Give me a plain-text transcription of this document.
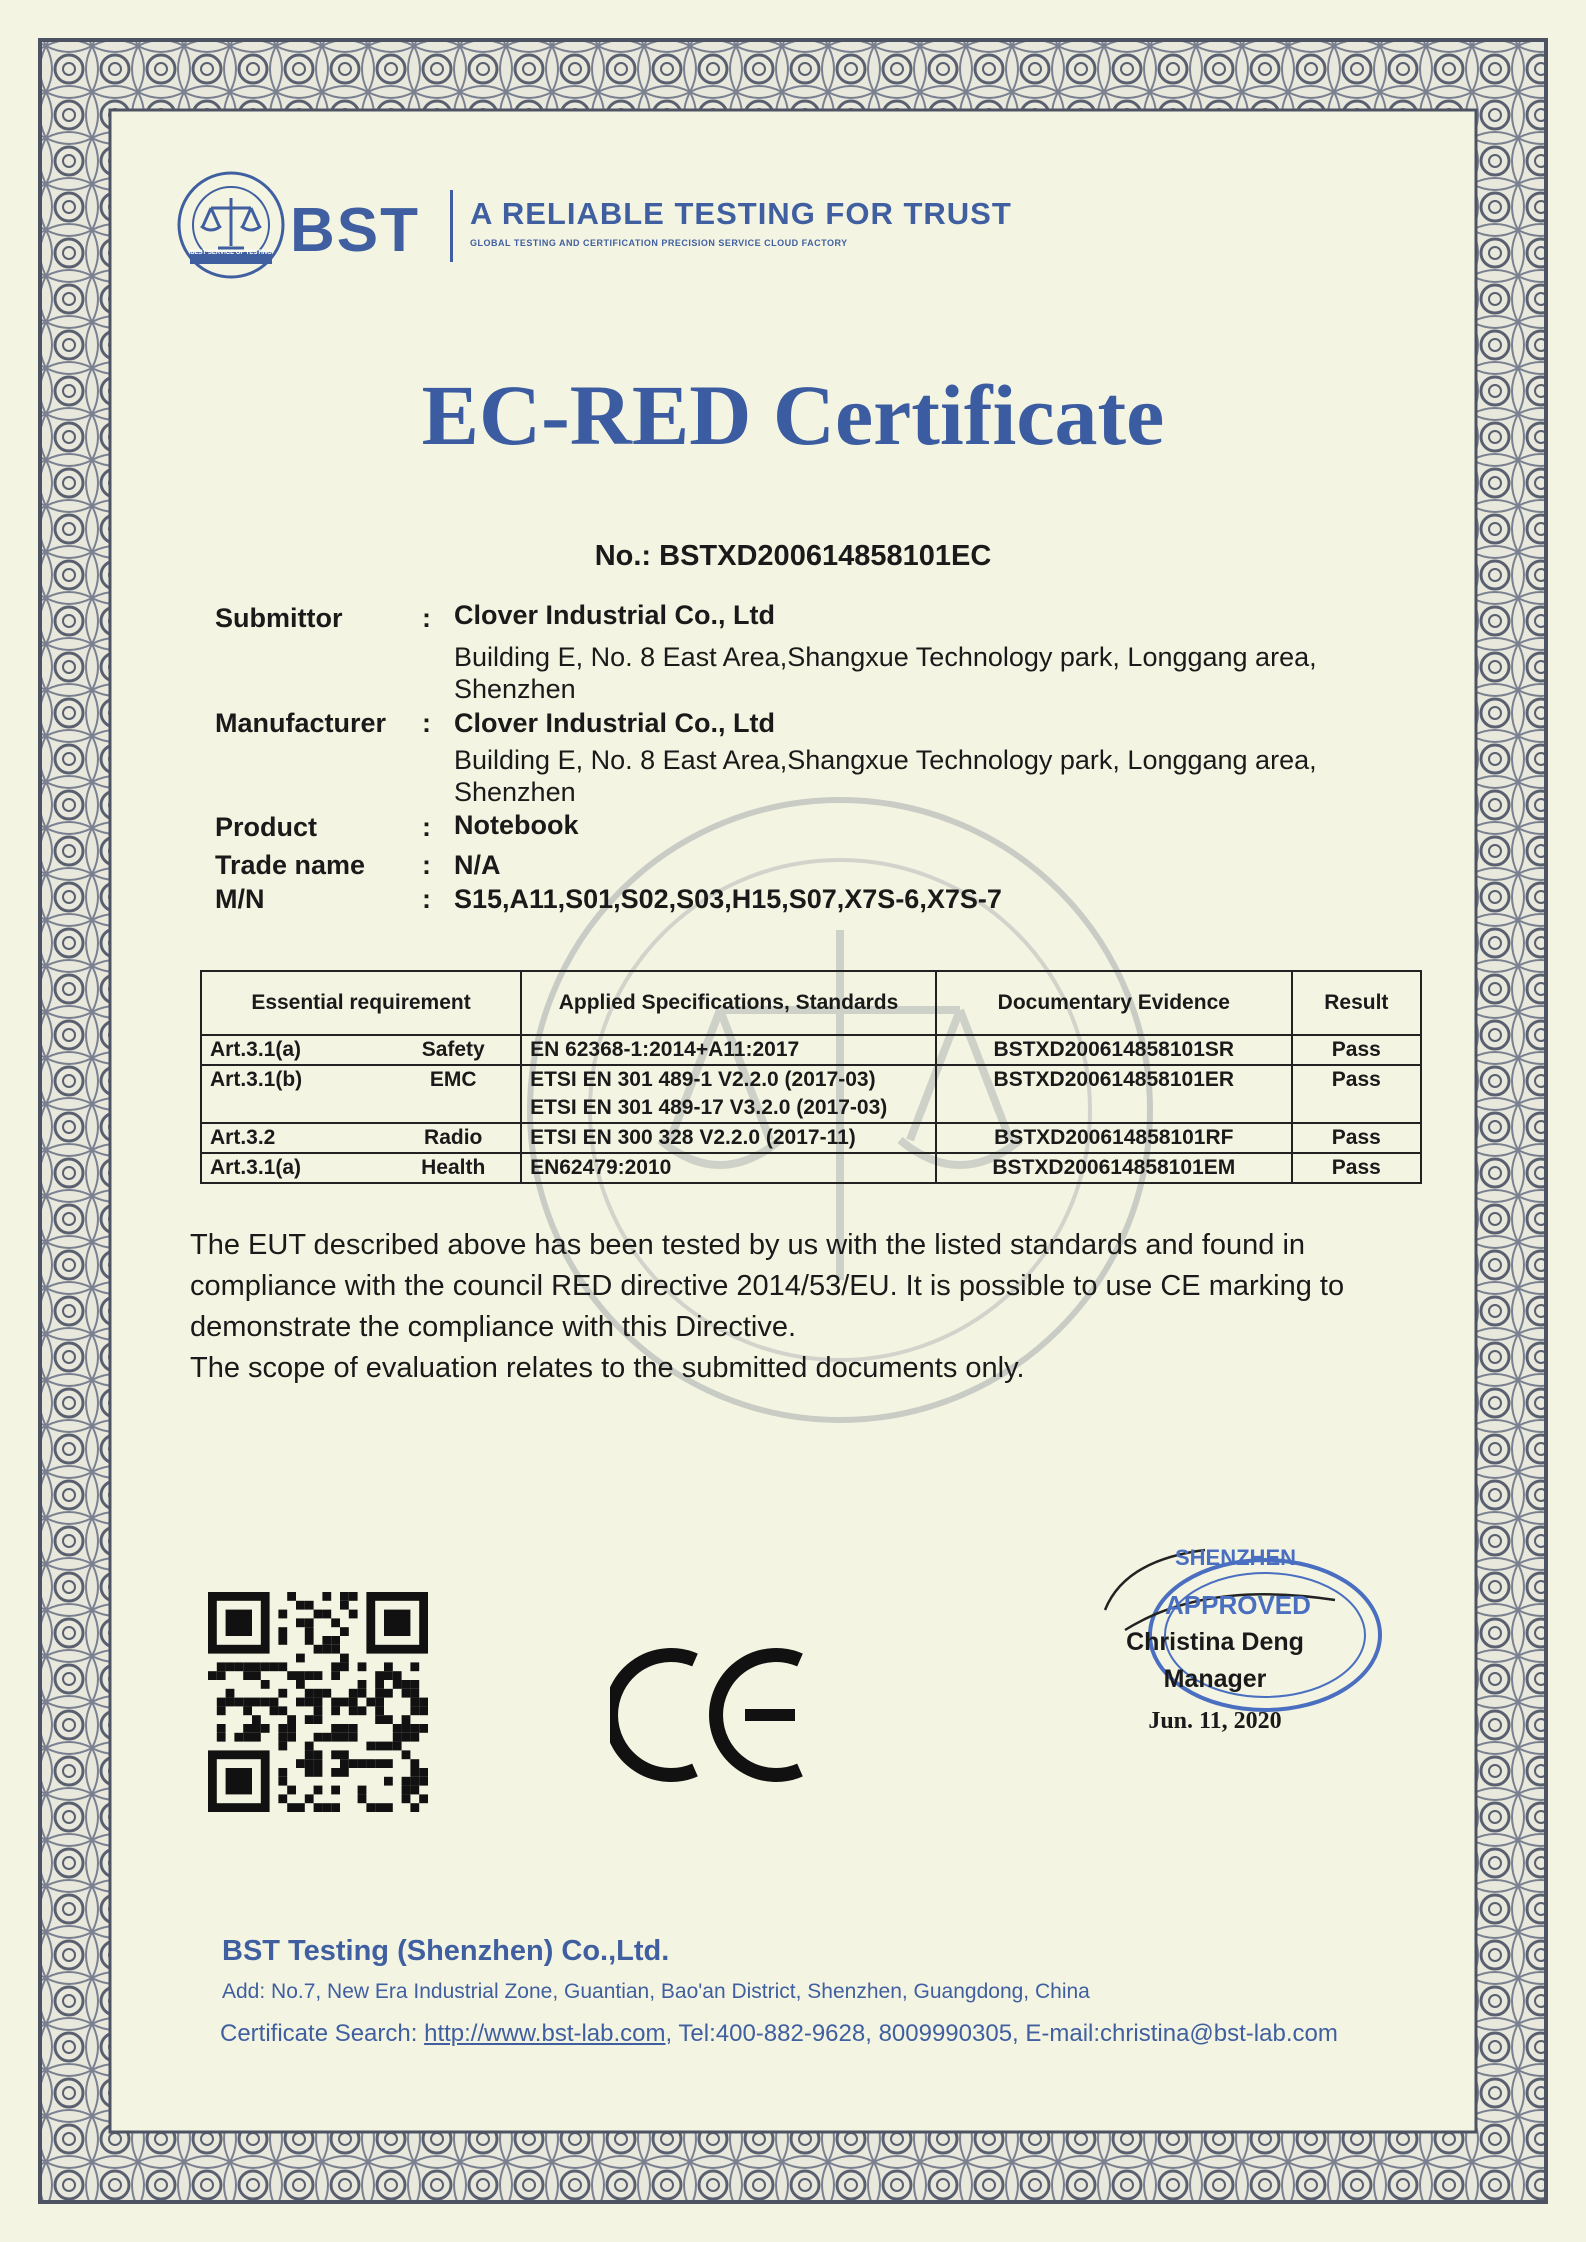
BEST SERVICE OF TESTING BST A RELIABLE TESTING FOR TRUST
GLOBAL TESTING AND CERTIFICATION PRECISION SERVICE CLOUD FACTORY
EC-RED Certificate
No.: BSTXD200614858101EC
Submittor	: Clover Industrial Co., Ltd
Building E, No. 8 East Area,Shangxue Technology park, Longgang area,
Shenzhen
Manufacturer : Clover Industrial Co., Ltd
Building E, No. 8 East Area,Shangxue Technology park, Longgang area,
Shenzhen
Product	: Notebook
Trade name : N/A
M/N	: S15,A11,S01,S02,S03,H15,S07,X7S-6,X7S-7
Essential requirement		Applied Specifications, Standards	Documentary Evidence	Result
Art.3.1(a)	Safety	EN 62368-1:2014+A11:2017	BSTXD200614858101SR	Pass
Art.3.1(b)	EMC	ETSI EN 301 489-1 V2.2.0 (2017-03)
ETSI EN 301 489-17 V3.2.0 (2017-03)	BSTXD200614858101ER	Pass
Art.3.2	Radio	ETSI EN 300 328 V2.2.0 (2017-11)	BSTXD200614858101RF	Pass
Art.3.1(a)	Health	EN62479:2010	BSTXD200614858101EM	Pass

The EUT described above has been tested by us with the listed standards and found in

compliance with the council RED directive 2014/53/EU. It is possible to use CE marking to

demonstrate the compliance with this Directive.

The scope of evaluation relates to the submitted documents only.

SHENZHEN
APPROVED
Christina Deng
Manager
Jun. 11, 2020
BST Testing (Shenzhen) Co.,Ltd.
Add: No.7, New Era Industrial Zone, Guantian, Bao'an District, Shenzhen, Guangdong, China
Certificate Search: http://www.bst-lab.com, Tel:400-882-9628, 8009990305, E-mail:christina@bst-lab.com
